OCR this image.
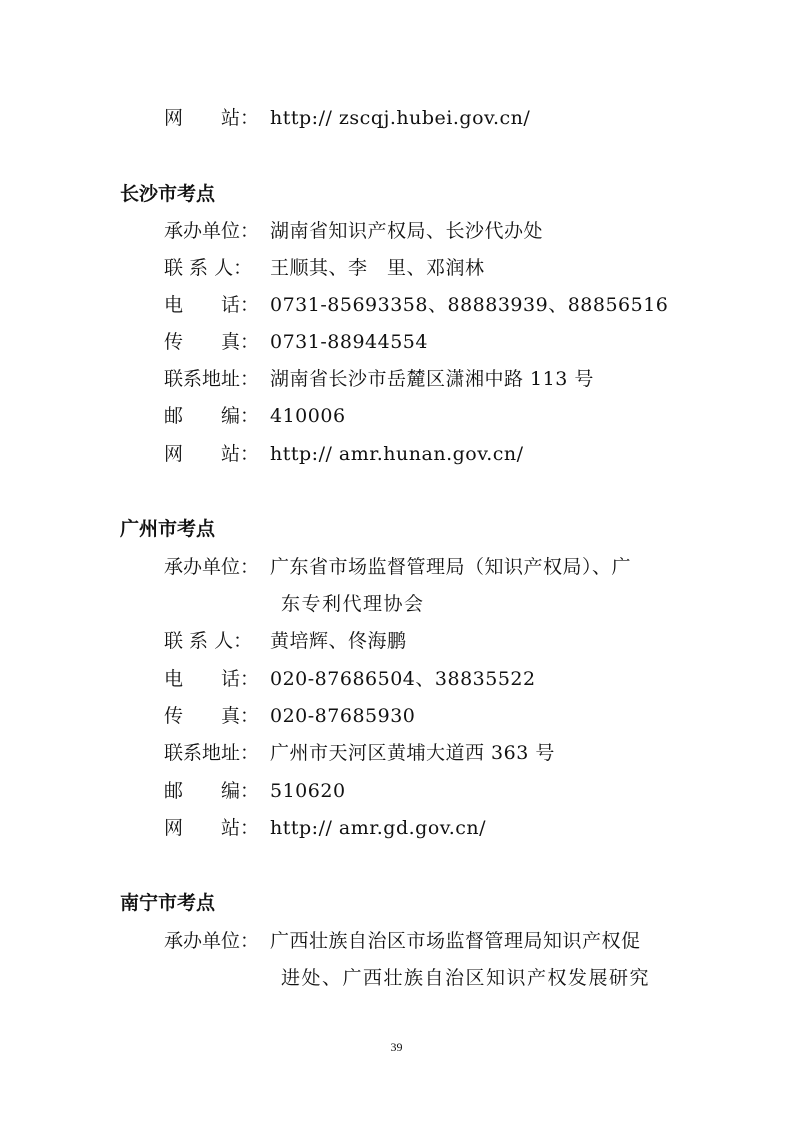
网　　站： http:// zscqj.hubei.gov.cn/
长沙市考点
承办单位： 湖南省知识产权局、长沙代办处
联 系 人： 王顺其、李　里、邓润林
电　　话： 0731-85693358、88883939、88856516
传　　真： 0731-88944554
联系地址： 湖南省长沙市岳麓区潇湘中路 113 号
邮　　编： 410006
网　　站： http:// amr.hunan.gov.cn/
广州市考点
承办单位： 广东省市场监督管理局（知识产权局）、广
东专利代理协会
联 系 人： 黄培辉、佟海鹏
电　　话： 020-87686504、38835522
传　　真： 020-87685930
联系地址： 广州市天河区黄埔大道西 363 号
邮　　编： 510620
网　　站： http:// amr.gd.gov.cn/
南宁市考点
承办单位： 广西壮族自治区市场监督管理局知识产权促
进处、广西壮族自治区知识产权发展研究
39
